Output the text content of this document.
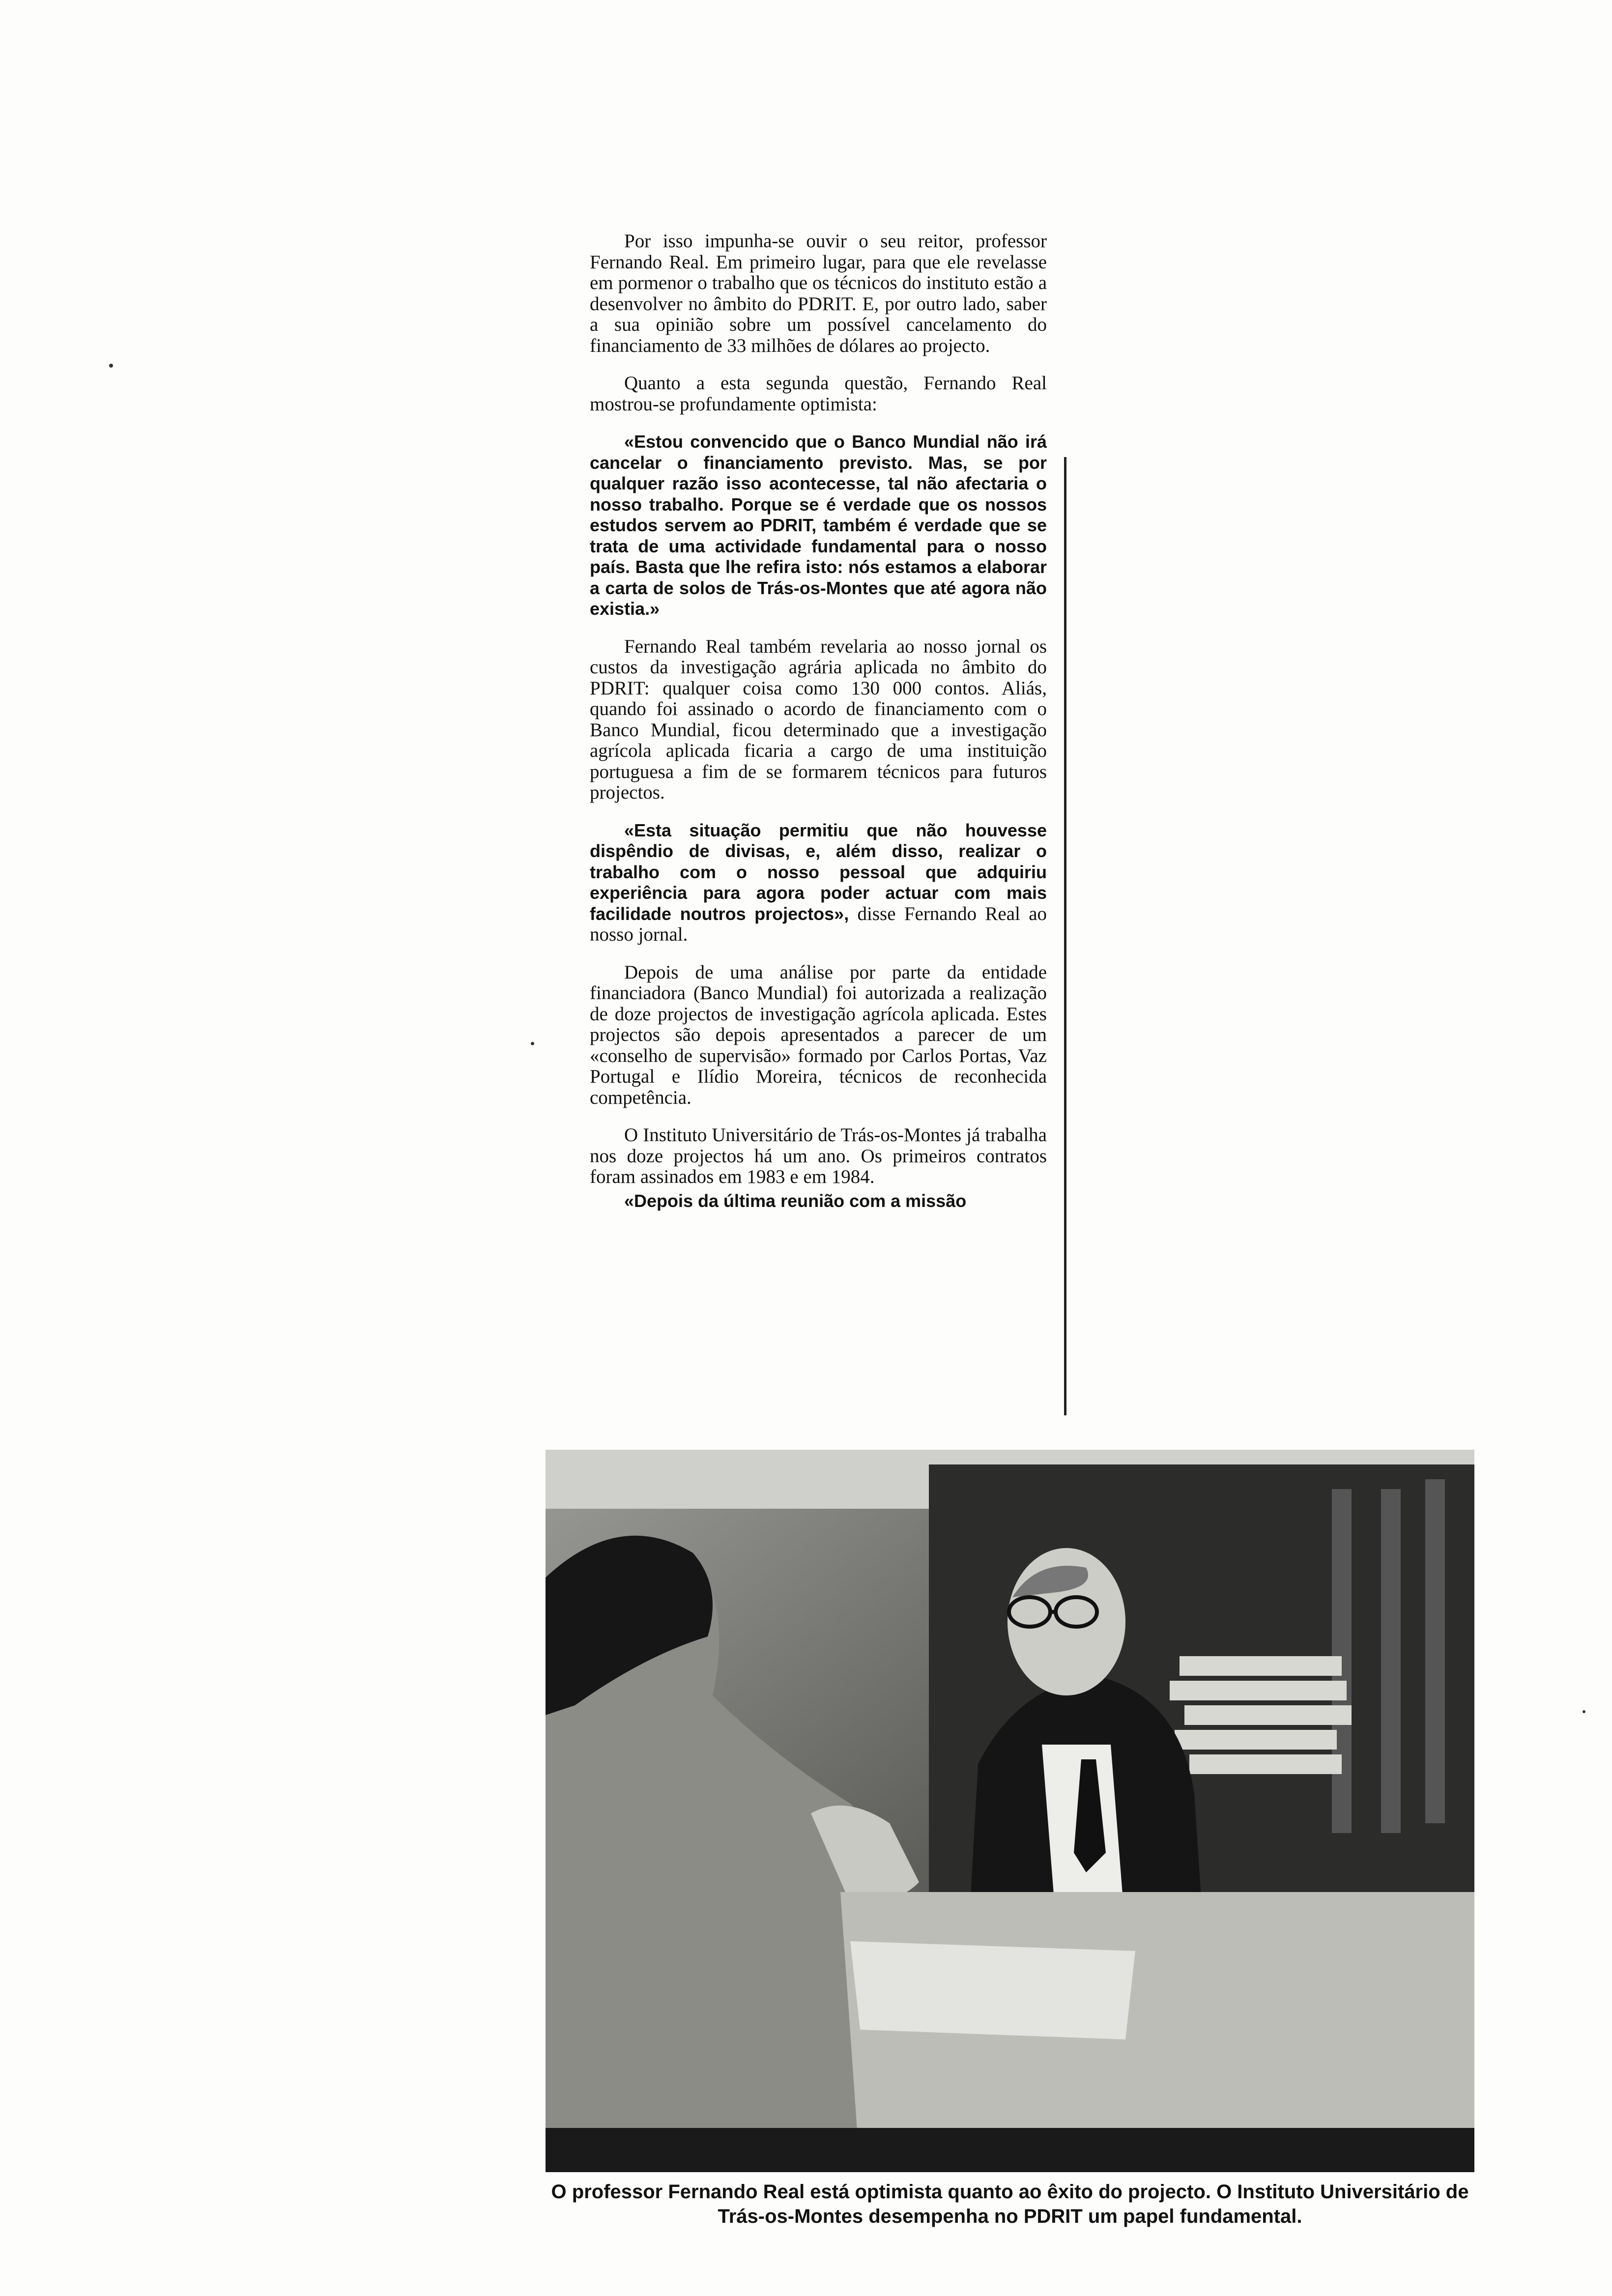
Por isso impunha-se ouvir o seu reitor, professor Fernando Real. Em primeiro lugar, para que ele revelasse em pormenor o trabalho que os técnicos do instituto estão a desenvolver no âmbito do PDRIT. E, por outro lado, saber a sua opinião sobre um possível cancelamento do financiamento de 33 milhões de dólares ao projecto.

Quanto a esta segunda questão, Fernando Real mostrou-se profundamente optimista:

«Estou convencido que o Banco Mundial não irá cancelar o financiamento previsto. Mas, se por qualquer razão isso acontecesse, tal não afectaria o nosso trabalho. Porque se é verdade que os nossos estudos servem ao PDRIT, também é verdade que se trata de uma actividade fundamental para o nosso país. Basta que lhe refira isto: nós estamos a elaborar a carta de solos de Trás-os-Montes que até agora não existia.»

Fernando Real também revelaria ao nosso jornal os custos da investigação agrária aplicada no âmbito do PDRIT: qualquer coisa como 130 000 contos. Aliás, quando foi assinado o acordo de financiamento com o Banco Mundial, ficou determinado que a investigação agrícola aplicada ficaria a cargo de uma instituição portuguesa a fim de se formarem técnicos para futuros projectos.

«Esta situação permitiu que não houvesse dispêndio de divisas, e, além disso, realizar o trabalho com o nosso pessoal que adquiriu experiência para agora poder actuar com mais facilidade noutros projectos», disse Fernando Real ao nosso jornal.

Depois de uma análise por parte da entidade financiadora (Banco Mundial) foi autorizada a realização de doze projectos de investigação agrícola aplicada. Estes projectos são depois apresentados a parecer de um «conselho de supervisão» formado por Carlos Portas, Vaz Portugal e Ilídio Moreira, técnicos de reconhecida competência.

O Instituto Universitário de Trás-os-Montes já trabalha nos doze projectos há um ano. Os primeiros contratos foram assinados em 1983 e em 1984.

«Depois da última reunião com a missão

O professor Fernando Real está optimista quanto ao êxito do projecto. O Instituto Universitário de Trás-os-Montes desempenha no PDRIT um papel fundamental.
